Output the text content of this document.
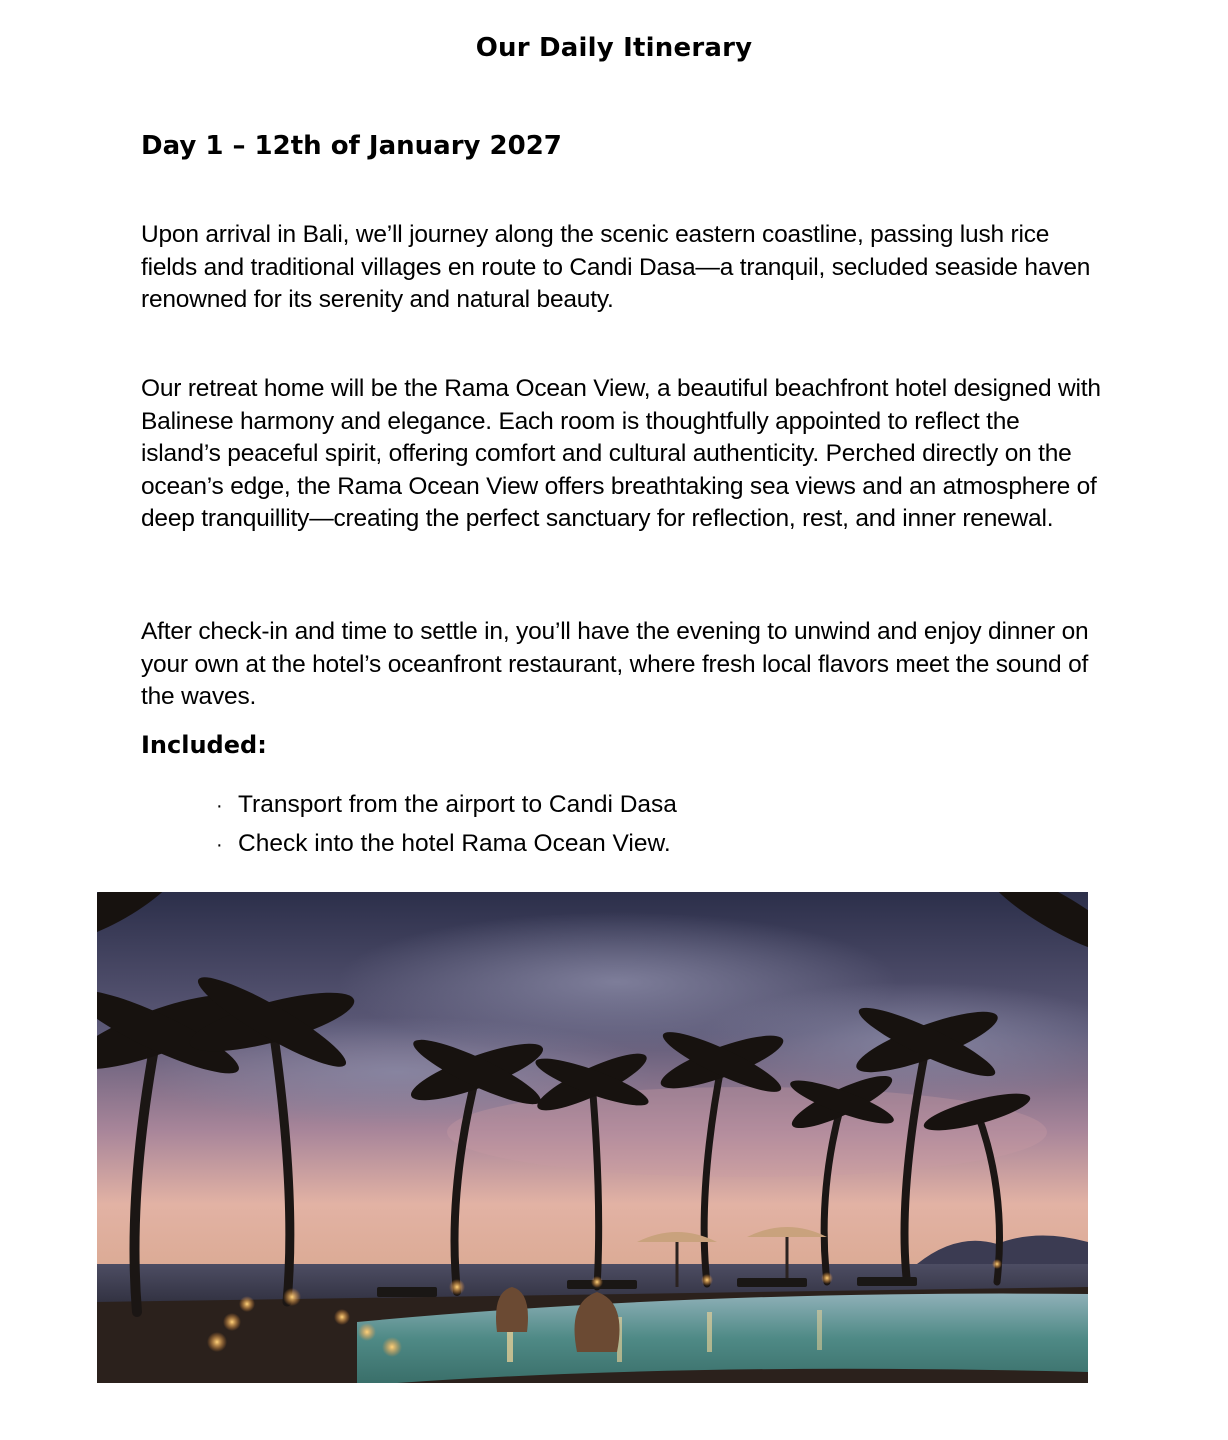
Our Daily Itinerary
Day 1 – 12th of January 2027

Upon arrival in Bali, we’ll journey along the scenic eastern coastline, passing lush rice fields and traditional villages en route to Candi Dasa—a tranquil, secluded seaside haven renowned for its serenity and natural beauty.

Our retreat home will be the Rama Ocean View, a beautiful beachfront hotel designed with Balinese harmony and elegance. Each room is thoughtfully appointed to reflect the island’s peaceful spirit, offering comfort and cultural authenticity. Perched directly on the ocean’s edge, the Rama Ocean View offers breathtaking sea views and an atmosphere of deep tranquillity—creating the perfect sanctuary for reflection, rest, and inner renewal.

After check-in and time to settle in, you’ll have the evening to unwind and enjoy dinner on your own at the hotel’s oceanfront restaurant, where fresh local flavors meet the sound of the waves.

Included:
· Transport from the airport to Candi Dasa
· Check into the hotel Rama Ocean View.
